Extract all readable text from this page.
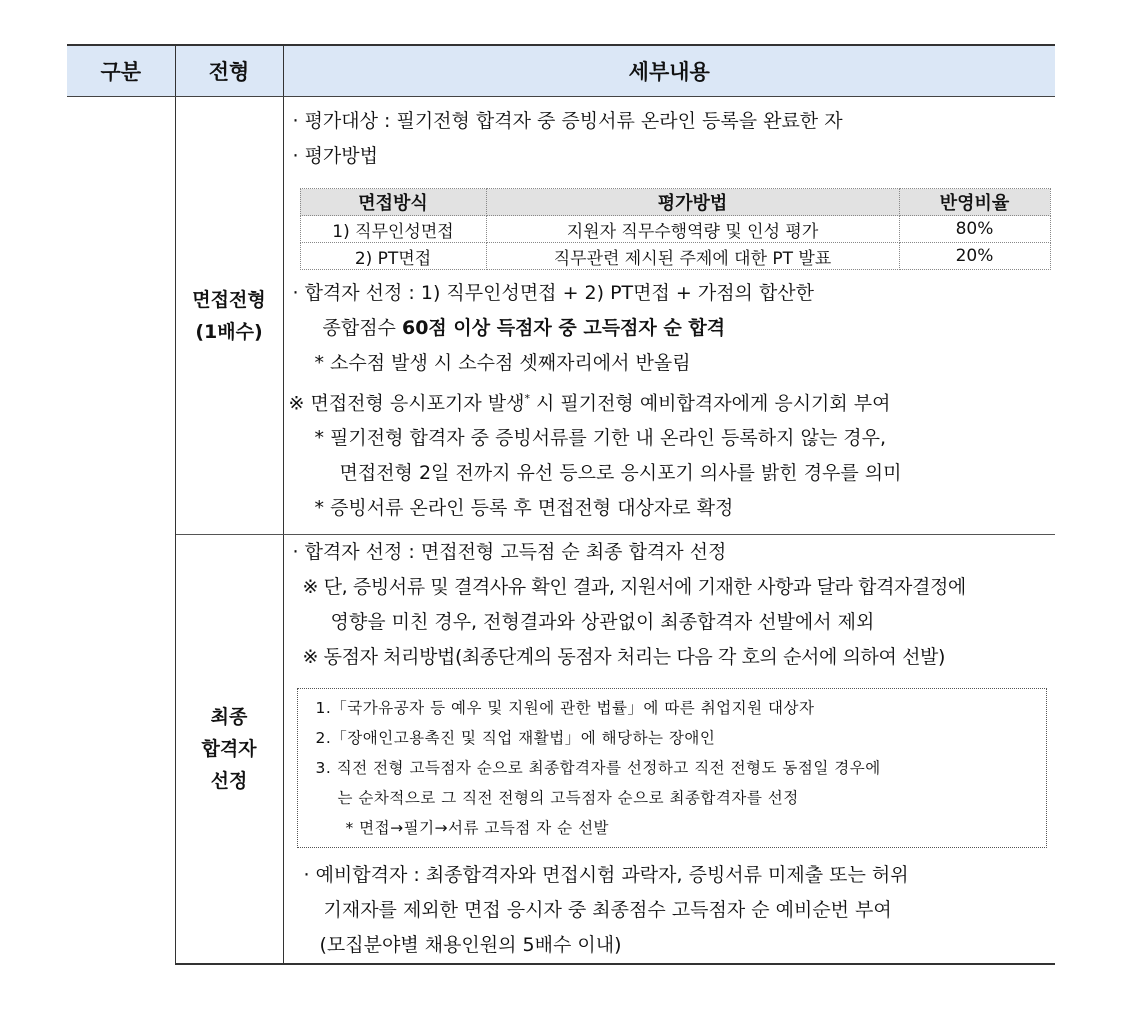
구분	전형	세부내용

면접전형
(1배수)

· 평가대상 : 필기전형 합격자 중 증빙서류 온라인 등록을 완료한 자
· 평가방법
면접방식	평가방법	반영비율
1) 직무인성면접	지원자 직무수행역량 및 인성 평가	80%
2) PT면접	직무관련 제시된 주제에 대한 PT 발표	20%
· 합격자 선정 : 1) 직무인성면접 + 2) PT면접 + 가점의 합산한
종합점수 60점 이상 득점자 중 고득점자 순 합격
* 소수점 발생 시 소수점 셋째자리에서 반올림
※ 면접전형 응시포기자 발생* 시 필기전형 예비합격자에게 응시기회 부여
* 필기전형 합격자 중 증빙서류를 기한 내 온라인 등록하지 않는 경우,
면접전형 2일 전까지 유선 등으로 응시포기 의사를 밝힌 경우를 의미
* 증빙서류 온라인 등록 후 면접전형 대상자로 확정

최종
합격자
선정

· 합격자 선정 : 면접전형 고득점 순 최종 합격자 선정
※ 단, 증빙서류 및 결격사유 확인 결과, 지원서에 기재한 사항과 달라 합격자결정에
영향을 미친 경우, 전형결과와 상관없이 최종합격자 선발에서 제외
※ 동점자 처리방법(최종단계의 동점자 처리는 다음 각 호의 순서에 의하여 선발)
1.「국가유공자 등 예우 및 지원에 관한 법률」에 따른 취업지원 대상자
2.「장애인고용촉진 및 직업 재활법」에 해당하는 장애인
3. 직전 전형 고득점자 순으로 최종합격자를 선정하고 직전 전형도 동점일 경우에
는 순차적으로 그 직전 전형의 고득점자 순으로 최종합격자를 선정
* 면접→필기→서류 고득점 자 순 선발
· 예비합격자 : 최종합격자와 면접시험 과락자, 증빙서류 미제출 또는 허위
기재자를 제외한 면접 응시자 중 최종점수 고득점자 순 예비순번 부여
(모집분야별 채용인원의 5배수 이내)
